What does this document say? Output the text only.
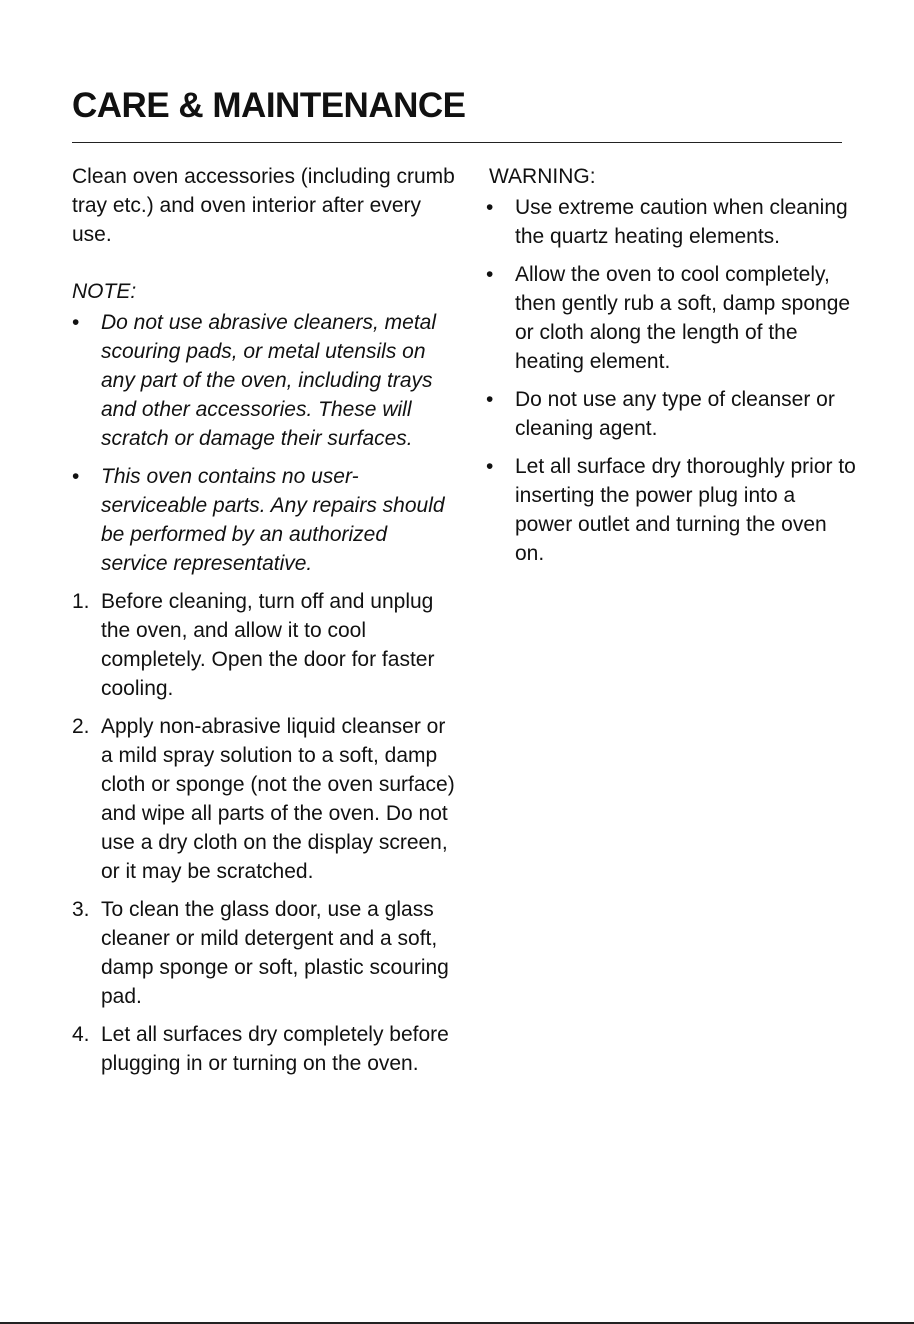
CARE & MAINTENANCE

Clean oven accessories (including crumb tray etc.) and oven interior after every use.

NOTE:

•	Do not use abrasive cleaners, metal scouring pads, or metal utensils on any part of the oven, including trays and other accessories. These will scratch or damage their surfaces.
•	This oven contains no user-serviceable parts. Any repairs should be performed by an authorized service representative.
1. Before cleaning, turn off and unplug the oven, and allow it to cool completely. Open the door for faster cooling.
2. Apply non-abrasive liquid cleanser or a mild spray solution to a soft, damp cloth or sponge (not the oven surface) and wipe all parts of the oven. Do not use a dry cloth on the display screen, or it may be scratched.
3. To clean the glass door, use a glass cleaner or mild detergent and a soft, damp sponge or soft, plastic scouring pad.
4. Let all surfaces dry completely before plugging in or turning on the oven.

WARNING:

•	Use extreme caution when cleaning the quartz heating elements.
•	Allow the oven to cool completely, then gently rub a soft, damp sponge or cloth along the length of the heating element.
•	Do not use any type of cleanser or cleaning agent.
•	Let all surface dry thoroughly prior to inserting the power plug into a power outlet and turning the oven on.
